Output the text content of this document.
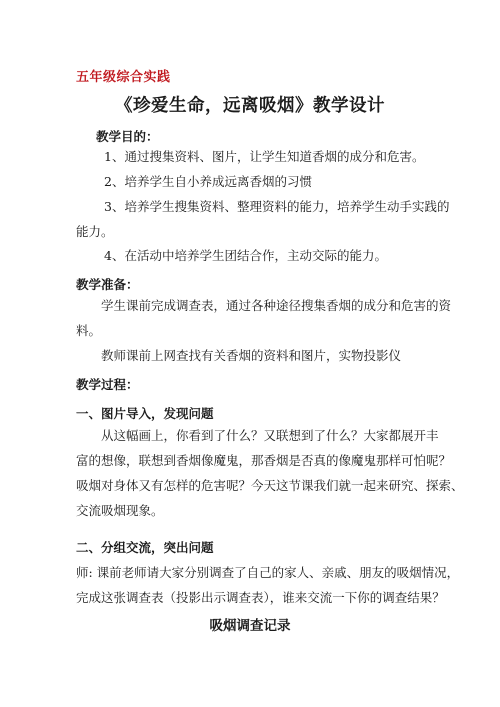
五年级综合实践
《珍爱生命，远离吸烟》教学设计
教学目的：
1、通过搜集资料、图片，让学生知道香烟的成分和危害。
2、培养学生自小养成远离香烟的习惯
3、培养学生搜集资料、整理资料的能力，培养学生动手实践的
能力。
4、在活动中培养学生团结合作，主动交际的能力。
教学准备：
学生课前完成调查表，通过各种途径搜集香烟的成分和危害的资
料。
教师课前上网查找有关香烟的资料和图片，实物投影仪
教学过程：
一、图片导入，发现问题
从这幅画上，你看到了什么？又联想到了什么？大家都展开丰
富的想像，联想到香烟像魔鬼，那香烟是否真的像魔鬼那样可怕呢？
吸烟对身体又有怎样的危害呢？今天这节课我们就一起来研究、探索、
交流吸烟现象。
二、分组交流，突出问题
师: 课前老师请大家分别调查了自己的家人、亲戚、朋友的吸烟情况，
完成这张调查表（投影出示调查表），谁来交流一下你的调查结果？
吸烟调查记录
